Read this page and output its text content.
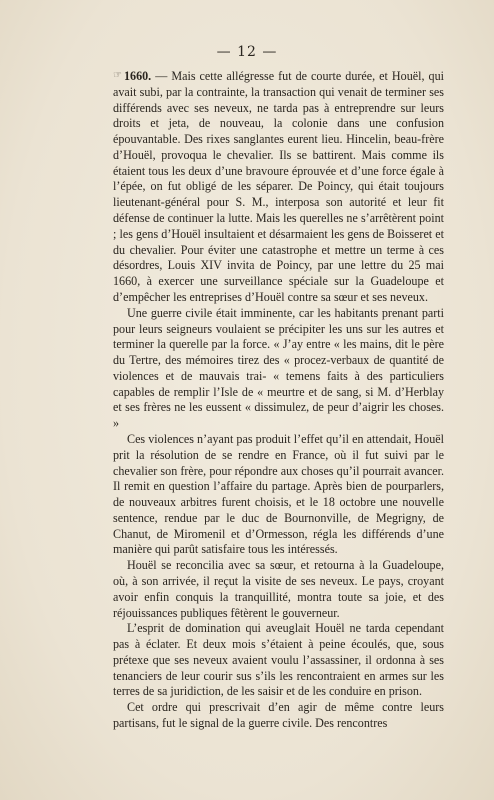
— 12 —

☞ 1660. — Mais cette allégresse fut de courte durée, et Houël, qui avait subi, par la contrainte, la transaction qui venait de terminer ses différends avec ses neveux, ne tarda pas à entreprendre sur leurs droits et jeta, de nouveau, la colonie dans une confusion épouvantable. Des rixes sanglantes eurent lieu. Hincelin, beau-frère d’Houël, provoqua le chevalier. Ils se battirent. Mais comme ils étaient tous les deux d’une bravoure éprouvée et d’une force égale à l’épée, on fut obligé de les séparer. De Poincy, qui était toujours lieutenant-général pour S. M., interposa son autorité et leur fit défense de continuer la lutte. Mais les querelles ne s’arrêtèrent point ; les gens d’Houël insultaient et désarmaient les gens de Boisseret et du chevalier. Pour éviter une catastrophe et mettre un terme à ces désordres, Louis XIV invita de Poincy, par une lettre du 25 mai 1660, à exercer une surveillance spéciale sur la Guadeloupe et d’empêcher les entreprises d’Houël contre sa sœur et ses neveux.

Une guerre civile était imminente, car les habitants prenant parti pour leurs seigneurs voulaient se précipiter les uns sur les autres et terminer la querelle par la force. « J’ay entre « les mains, dit le père du Tertre, des mémoires tirez des « procez-verbaux de quantité de violences et de mauvais trai- « temens faits à des particuliers capables de remplir l’Isle de « meurtre et de sang, si M. d’Herblay et ses frères ne les eussent « dissimulez, de peur d’aigrir les choses. »

Ces violences n’ayant pas produit l’effet qu’il en attendait, Houël prit la résolution de se rendre en France, où il fut suivi par le chevalier son frère, pour répondre aux choses qu’il pourrait avancer. Il remit en question l’affaire du partage. Après bien de pourparlers, de nouveaux arbitres furent choisis, et le 18 octobre une nouvelle sentence, rendue par le duc de Bournonville, de Megrigny, de Chanut, de Miromenil et d’Ormesson, régla les différends d’une manière qui parût satisfaire tous les intéressés.

Houël se reconcilia avec sa sœur, et retourna à la Guadeloupe, où, à son arrivée, il reçut la visite de ses neveux. Le pays, croyant avoir enfin conquis la tranquillité, montra toute sa joie, et des réjouissances publiques fêtèrent le gouverneur.

L’esprit de domination qui aveuglait Houël ne tarda cependant pas à éclater. Et deux mois s’étaient à peine écoulés, que, sous prétexe que ses neveux avaient voulu l’assassiner, il ordonna à ses tenanciers de leur courir sus s’ils les rencontraient en armes sur les terres de sa juridiction, de les saisir et de les conduire en prison.

Cet ordre qui prescrivait d’en agir de même contre leurs partisans, fut le signal de la guerre civile. Des rencontres
